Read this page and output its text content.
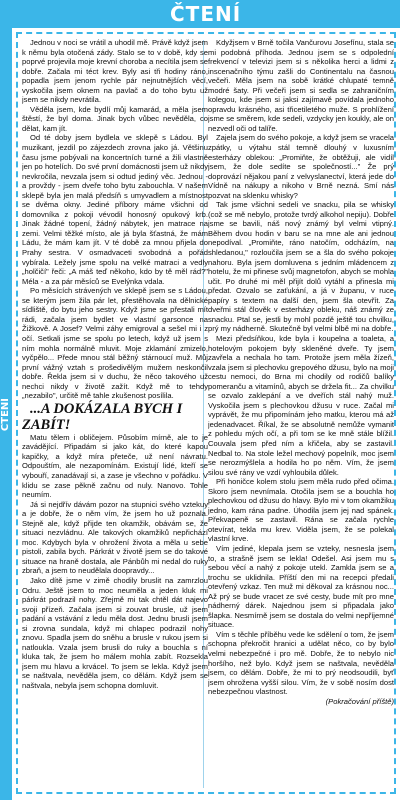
ČTENÍ
ČTENÍ

Jednou v noci se vrátil a uhodil mě. Právě když jsem k němu byla otočená zády. Stalo se to v době, kdy se poprvé projevila moje krevní choroba a necítila jsem se dobře. Začala mi téct krev. Byly asi tři hodiny ráno, popadla jsem jenom rychle pár nejnutnějších věcí, vyskočila jsem oknem na pavlač a do toho bytu už jsem se nikdy nevrátila.

Věděla jsem, kde bydlí můj kamarád, a měla jsem štěstí, že byl doma. Jinak bych vůbec nevěděla, co dělat, kam jít.

Od té doby jsem bydlela ve sklepě s Ládou. Byl muzikant, jezdil po zájezdech zrovna jako já. Většinu času jsme pobývali na koncertních turné a žili vlastně jen po hotelích. Do své první domácnosti jsem už nikdy nevkročila, nevzala jsem si odtud jediný věc. Jednou - a provždy - jsem dveře toho bytu zabouchla. V našem sklepě byla jen malá předsíň s umyvadlem a místnost se dvěma okny. Jediné příbory máme všichni od domovníka z pokoji vévodil honosný opukový krb. Jinak žádné topení, žádný nábytek, jen matrace na zemi. Velmi těžké místo, ale já byla šťastná, že mám Ládu, že mám kam jít. V té době za mnou přijela do Prahy sestra. V osmadvaceti svobodná a pořád vybírala. Ležely jsme spolu na velké matraci a vedly „holčičí" řeči: „A máš teď někoho, kdo by tě měl rád?" Méla - a za pár měsíců se Evelýnka vdala.

Po měsících strávených ve sklepě jsem se s Ládou, se kterým jsem žila pár let, přestěhovala na dělnické sídliště, do bytu jeho sestry. Když jsme se přestali mít rádi, začala jsem bydlet ve vlastní garsonce na Žižkově. A Josef? Velmi záhy emigroval a sešel mi i z očí. Setkali jsme se spolu po letech, když už jsem s ním mohla normálně mluvit. Moje zklamání zmizelo, vyčpělo... Přede mnou stál běžný stárnoucí muž. Můj první vážný vztah s prošedivělým mužem neskončil dobře. Řekla jsem si v duchu, že něco takového už nechci nikdy v životě zažít. Když mě to tehdy „nezabilo", určitě mě tahle zkušenost posílila.

...A DOKÁZALA BYCH I ZABÍT!

Matu tělem i obličejem. Působím mírně, ale to je zavádějící. Připadám si jako kát, do které kapou kapičky, a když míra přeteče, už není návratu. Odpouštím, ale nezapomínám. Existují lidé, kteří se vybouří, zanadávají si, a zase je všechno v pořádku. V klidu se zase pěkně začnu od nuly. Nanovo. Tohle neumím.

Já si nejdřív dávám pozor na stupnici svého vztekuy a je dobře, že o něm vím, že jsem ho už poznala. Stejně ale, když přijde ten okamžik, obávám se, že situaci nezvládnu. Ale takových okamžiků nepřichází moc. Kdybych byla v ohrožení života a měla u sebe pistoli, zabila bych. Párkrát v životě jsem se do takové situace na hraně dostala, ale Pánbůh mi nedal do ruky zbraň, a jsem to neudělala doopravdy...

Jako dítě jsme v zimě chodily bruslit na zamrzlou Odru. Ještě jsem to moc neuměla a jeden kluk mi párkrát podrazil nohy. Zřejmě mi tak chtěl dát najevo svoji přízeň. Začala jsem si zouvat brusle, už jsem padání a vstávání z ledu měla dost. Jednu brusli jsem si zrovna sundala, když mi chlapec podrazil nohy znovu. Spadla jsem do sněhu a brusle v rukou jsem si natloukla. Vzala jsem brusli do ruky a bouchla s ní kluka tak, že jsem ho málem mohla zabít. Rozsekla jsem mu hlavu a krvácel. To jsem se lekla. Když jsem se naštvala, nevěděla jsem, co dělám. Když jsem se naštvala, nebyla jsem schopna domluvit.

Kdyžjsem v Brně točila Vančurovu Josefínu, stala se mi podobná příhoda. Jednou jsem se s odpolední frekvencí v televizi jsem si s několika herci a lidmi z inscenačního týmu zašli do Continentalu na časnou večeři. Měla jsem na sobě krátké chlupaté temně modré šaty. Při večeři jsem si sedla se zahraničním kolegou, kde jsem si jaksi zajímavě povídala jednoho opravdu krásného, asi třicetiletého muže. S prohlížení jsme se směrem, kde sedeli, vzdycky jen koukly, ale on nezvedl oči od talíře.

Zajela jsem do svého pokoje, a když jsem se vracela zpátky, u výtahu stál temně dlouhý v luxusním esterházy oblekou: „Promiňte, že obtěžuji, ale vidíl jsem, že dole sedíte se společností..." Že prý doprovází nějakou paní z velvyslanectví, která jede do Vídně na nákupy a nikoho v Brně nezná. Smí nás pozvat na sklenku whisky?

Tak jsme všichni sedeli ve snacku, pila se whisky (což se mě nebylo, protože tvrdý alkohol nepiju). Dobře jsme se bavili, náš nový známý byl velmi vtipný. Během dvou hodin v baru se na mne ale ani jednou nepodíval. „Promiňte, ráno natočím, odcházím, na shledanou," rozloučila jsem se a šla do svého pokoje nahoru. Byla jsem domluvena s jedním mládencem z hotelu, že mi přinese svůj magnetofon, abych se mohla učit. Po druhé mi měl přijít dolů vytáhl a přinesla mi předat. Ozvalo se zaťukání, a já v županu, v ruce papíry s textem na další den, jsem šla otevřít. Za dveřmi stál člověk v esterházy obleku, náš známý ze snacku. Ptal se, jestli by mohl pozdě ještě tou chvilku, prý my nádherně. Skutečně byl velmi blbě mi na dobře.

Mezi předsíňkou, kde byla i koupelna a toaleta, a hotelovým pokojem byly skleněné dveře. Ty jsem zavřela a nechala ho tam. Protože jsem měla žízeň, vzala jsem si plechovku grepového džusu, bylo na moji cestu nemoci, do Brna mi chodily od rodičů balíky pomeranču a vitamínů, abych se držela fit... Za chvilku se ozvalo zaklepání a ve dveřích stál nahý muž. Vyskočila jsem s plechovkou džusu v ruce. Začal mi vyprávět, že mu připomínám jeho matku, kterou má až jedenadvacet. Říkal, že se absolutně nemůže vymanit z pohledu mých očí, a při tom se ke mně stále blížil. Couvala jsem před ním a křičela, aby se zastavil. Nedbal to. Na stole ležel mechový popelník, moc jsem se nerozmýšlela a hodila ho po něm. Vím, že jsem silou své rány ve vzdí vyhloubila důlek.

Při honičce kolem stolu jsem měla rudo před očima. Skoro jsem nevnímala. Otočila jsem se a bouchla ho plechovkou od džusu do hlavy. Bylo mi v tom okamžiku jedno, kam rána padne. Úhodila jsem jej nad spánek. Překvapeně se zastavil. Rána se začala rychle otevírat, tekla mu krev. Viděla jsem, že se polekal vlastní krve.

Vím jediné, klepala jsem se vzteky, nesnesla jsem to, a strašně jsem se lekla! Odešel. Asi jsem mu s sebou věcí a nahý z pokoje utekl. Zamkla jsem se a trochu se uklidnila. Příští den mi na recepci předali otevřený vzkaz. Ten muž mi děkoval za krásnou noc... Až prý se bude vracet ze své cesty, bude mít pro mne nádherný dárek. Najednou jsem si připadala jako šlapka. Nesmírně jsem se dostala do velmi nepříjemné situace.

Vím s těchle příběhu vede ke sdělení o tom, že jsem schopna překročit hranici a udělat něco, co by bylo velmi nebezpečné i pro mě. Dobře, že to nebylo nic horšího, než bylo. Když jsem se naštvala, nevěděla jsem, co dělám. Dobře, že mi to prý neodsoudili, byť jsem ohrožena vyšší silou. Vím, že v sobě nosím dost nebezpečnou vlastnost.

(Pokračování příště)
